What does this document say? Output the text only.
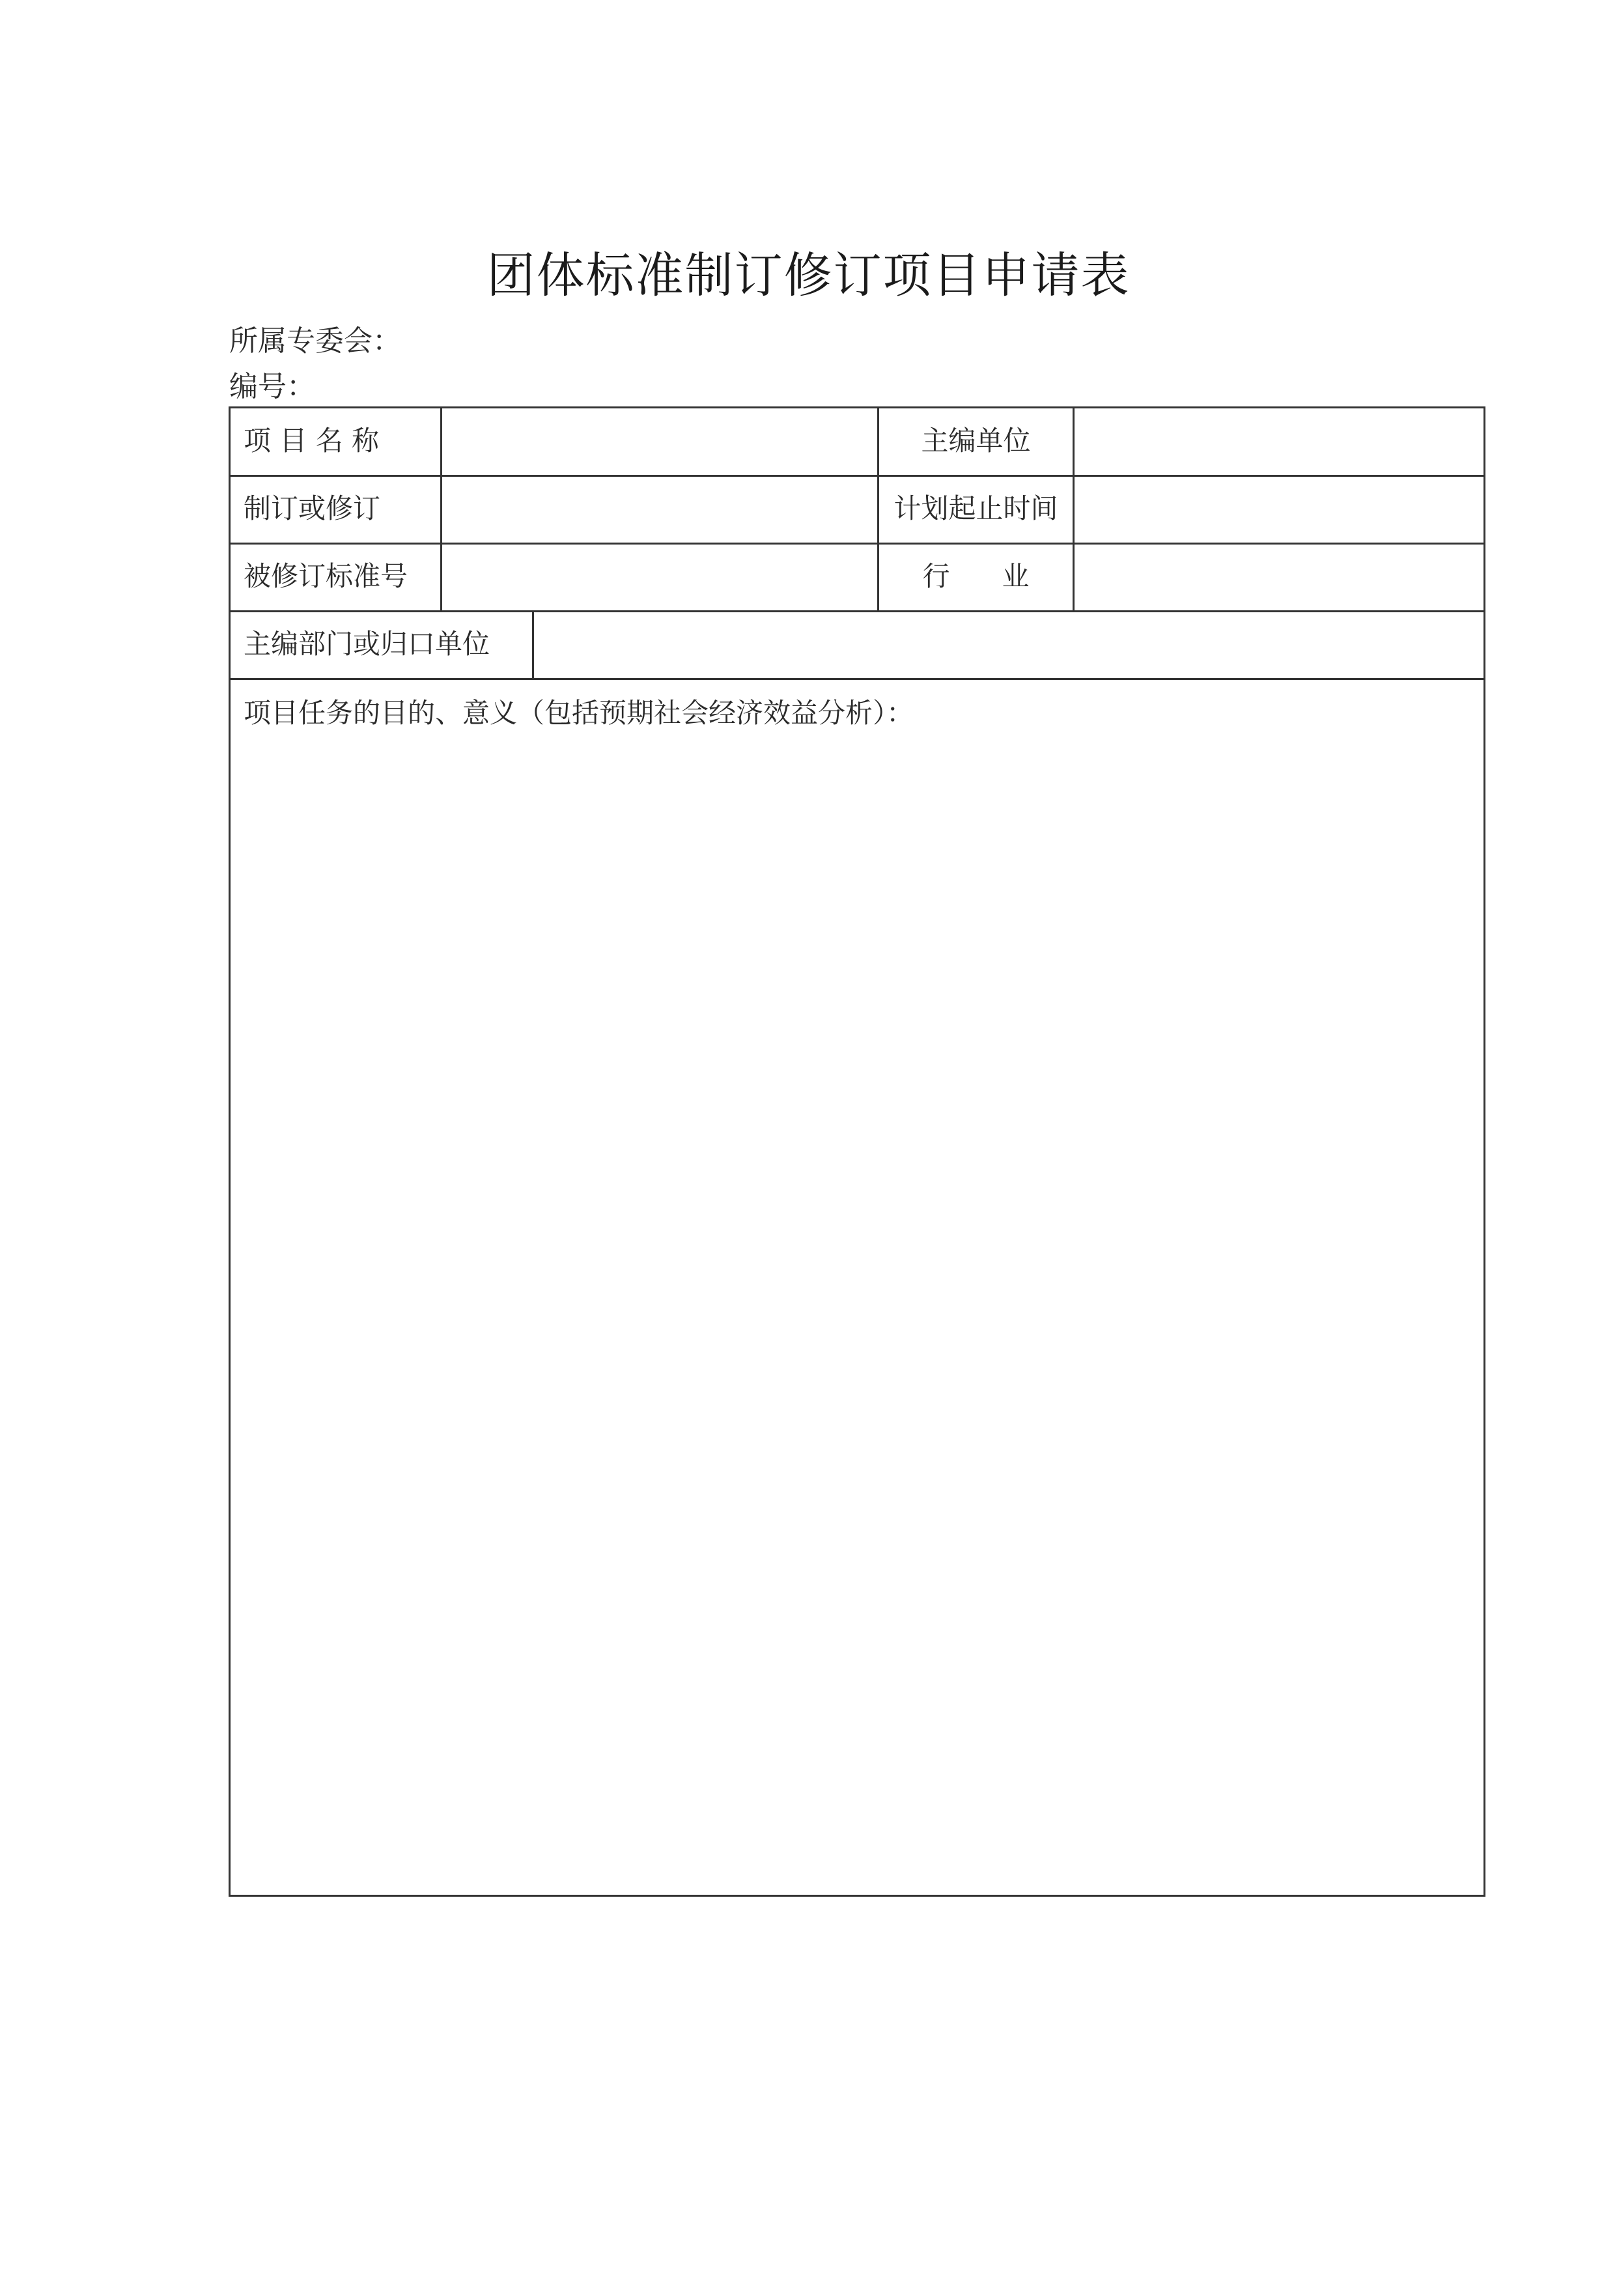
团体标准制订修订项目申请表
所属专委会：
编号：
项 目 名 称	主编单位
制订或修订	计划起止时间
被修订标准号	行      业
主编部门或归口单位
项目任务的目的、意义（包括预期社会经济效益分析）：
